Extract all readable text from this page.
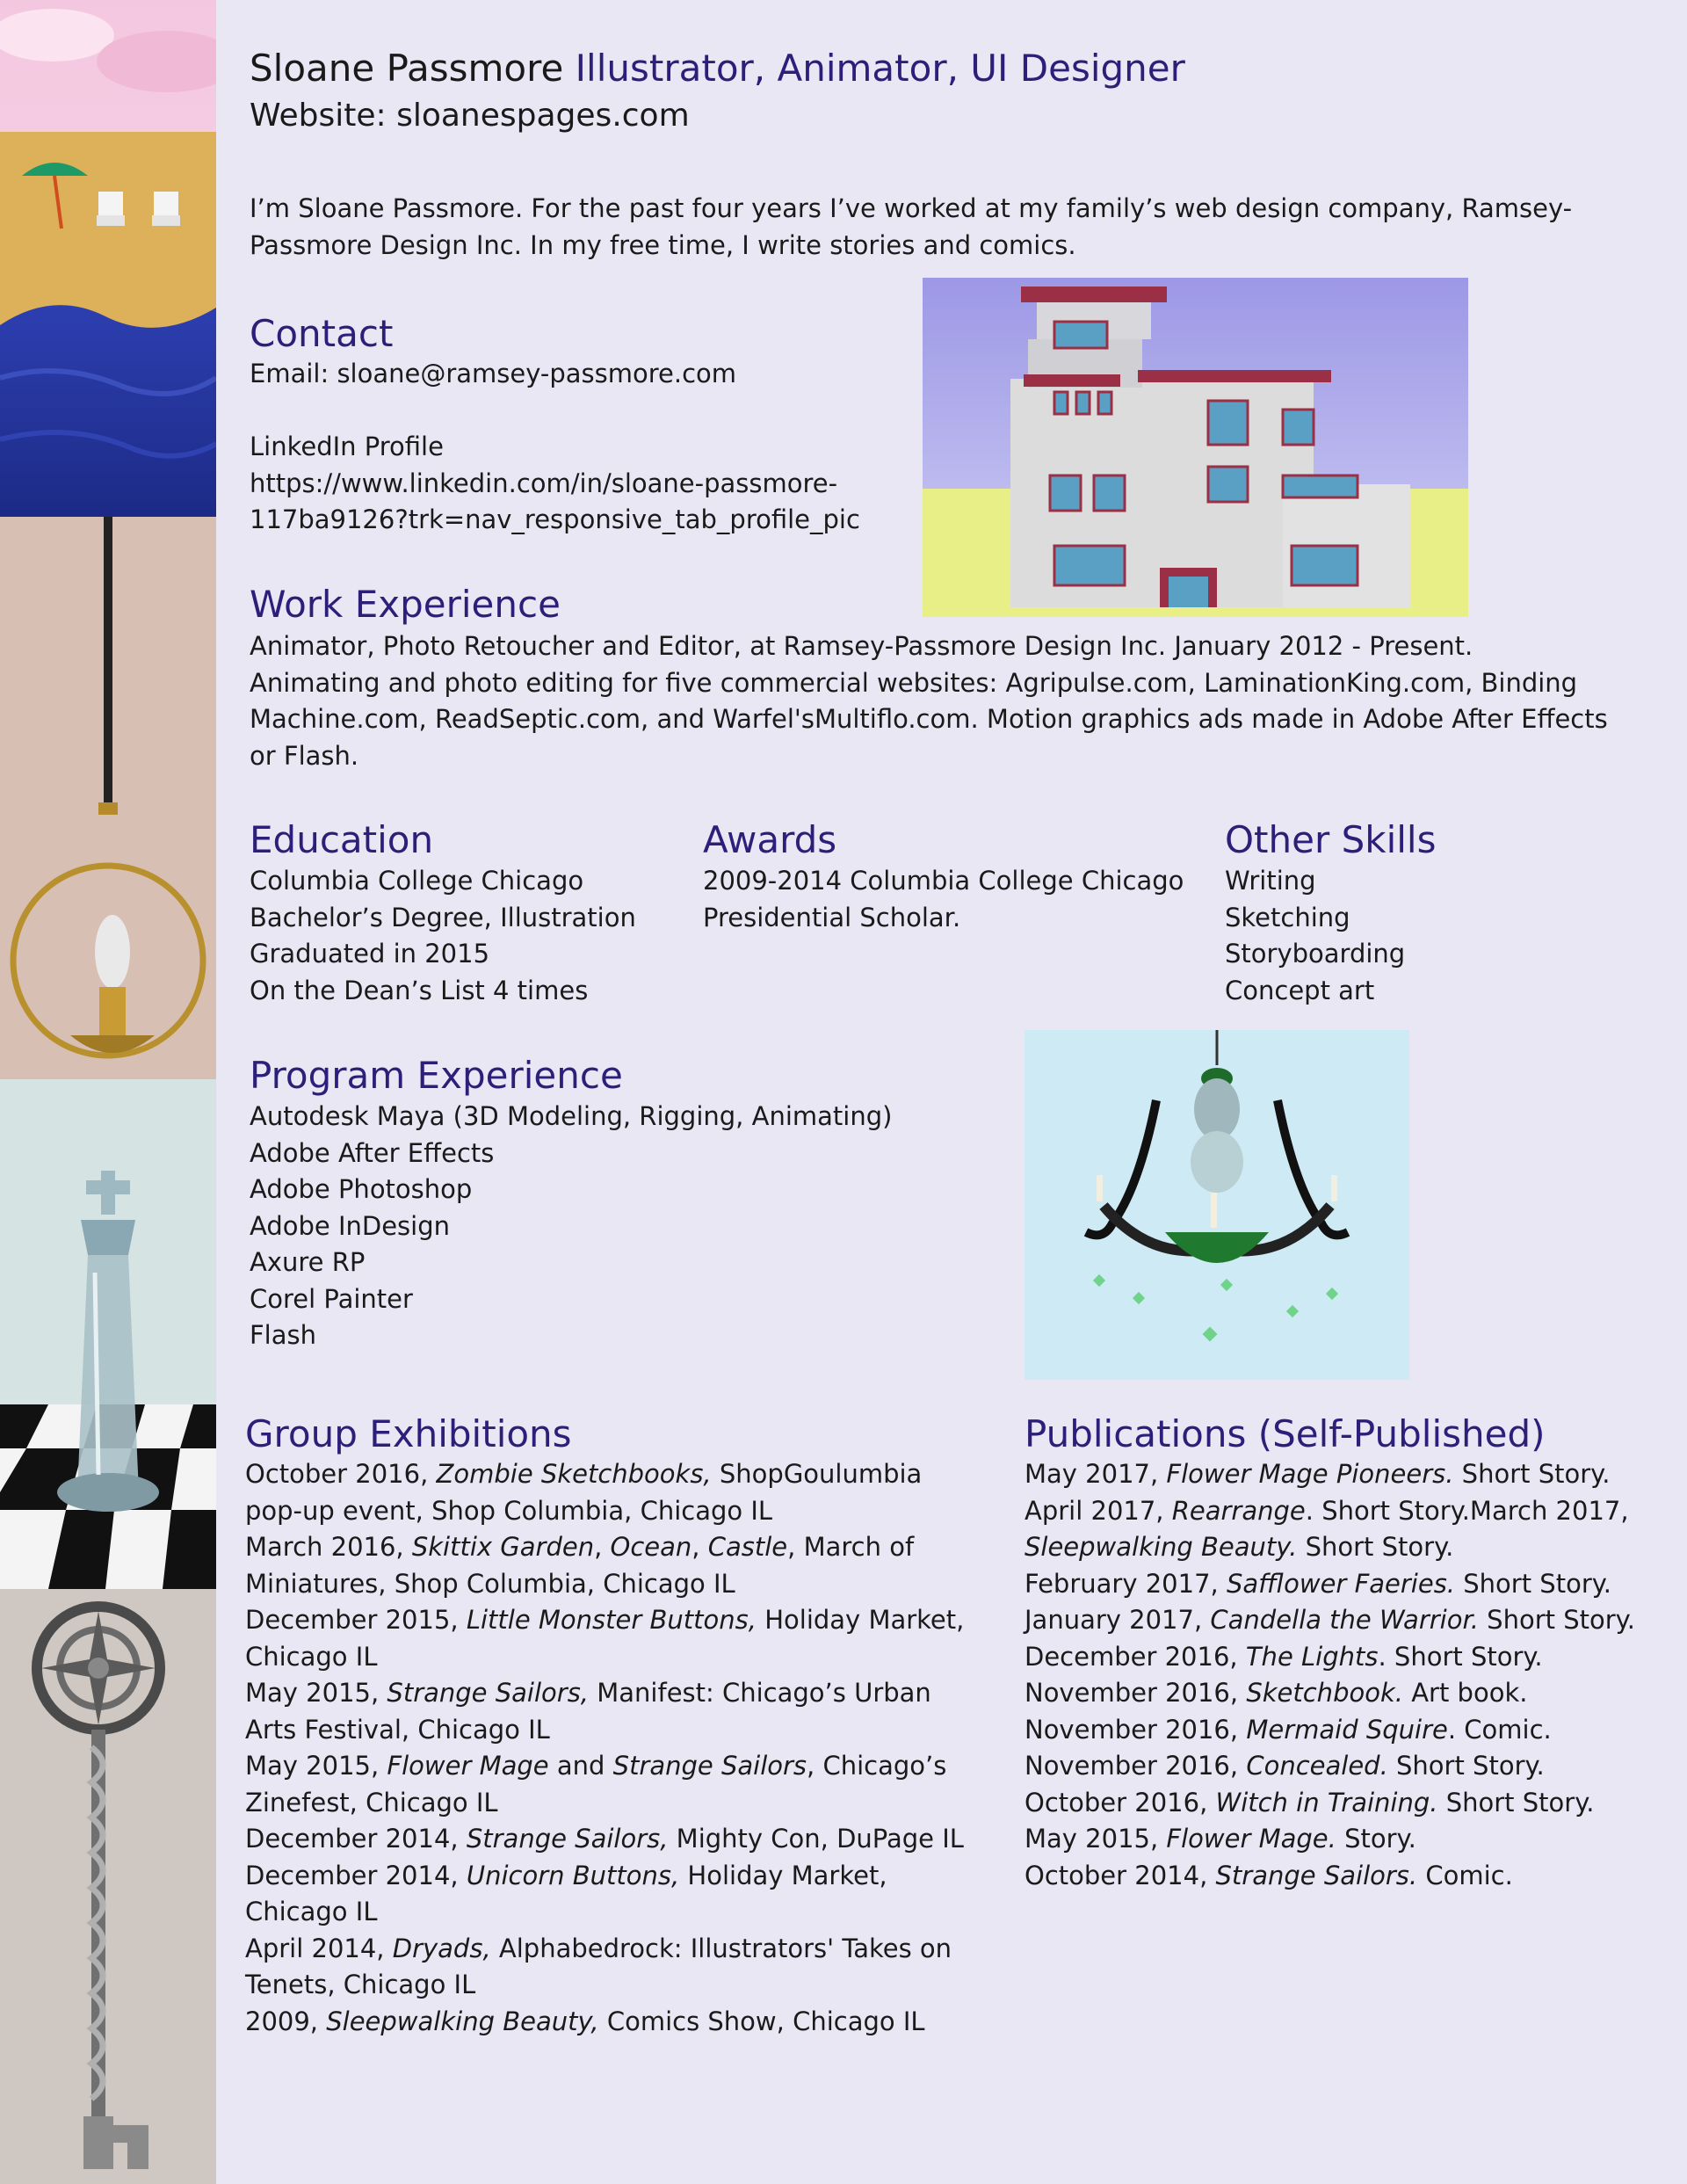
Sloane Passmore Illustrator, Animator, UI Designer
Website: sloanespages.com
I’m Sloane Passmore. For the past four years I’ve worked at my family’s web design company, Ramsey-Passmore Design Inc. In my free time, I write stories and comics.
Contact
Email: sloane@ramsey-passmore.com

LinkedIn Profile
https://www.linkedin.com/in/sloane-passmore-
117ba9126?trk=nav_responsive_tab_profile_pic
Work Experience
Animator, Photo Retoucher and Editor, at Ramsey-Passmore Design Inc. January 2012 - Present.
Animating and photo editing for five commercial websites: Agripulse.com, LaminationKing.com, Binding
Machine.com, ReadSeptic.com, and Warfel'sMultiflo.com. Motion graphics ads made in Adobe After Effects
or Flash.
Education
Columbia College Chicago
Bachelor’s Degree, Illustration
Graduated in 2015
On the Dean’s List 4 times
Awards
2009-2014 Columbia College Chicago
Presidential Scholar.
Other Skills
Writing
Sketching
Storyboarding
Concept art
Program Experience
Autodesk Maya (3D Modeling, Rigging, Animating)
Adobe After Effects
Adobe Photoshop
Adobe InDesign
Axure RP
Corel Painter
Flash
Group Exhibitions
October 2016, Zombie Sketchbooks, ShopGoulumbia
pop-up event, Shop Columbia, Chicago IL
March 2016, Skittix Garden, Ocean, Castle, March of
Miniatures, Shop Columbia, Chicago IL
December 2015, Little Monster Buttons, Holiday Market,
Chicago IL
May 2015, Strange Sailors, Manifest: Chicago’s Urban
Arts Festival, Chicago IL
May 2015, Flower Mage and Strange Sailors, Chicago’s
Zinefest, Chicago IL
December 2014, Strange Sailors, Mighty Con, DuPage IL
December 2014, Unicorn Buttons, Holiday Market,
Chicago IL
April 2014, Dryads, Alphabedrock: Illustrators' Takes on
Tenets, Chicago IL
2009, Sleepwalking Beauty, Comics Show, Chicago IL
Publications (Self-Published)
May 2017, Flower Mage Pioneers. Short Story.
April 2017, Rearrange. Short Story.March 2017,
Sleepwalking Beauty. Short Story.
February 2017, Safflower Faeries. Short Story.
January 2017, Candella the Warrior. Short Story.
December 2016, The Lights. Short Story.
November 2016, Sketchbook. Art book.
November 2016, Mermaid Squire. Comic.
November 2016, Concealed. Short Story.
October 2016, Witch in Training. Short Story.
May 2015, Flower Mage. Story.
October 2014, Strange Sailors. Comic.
